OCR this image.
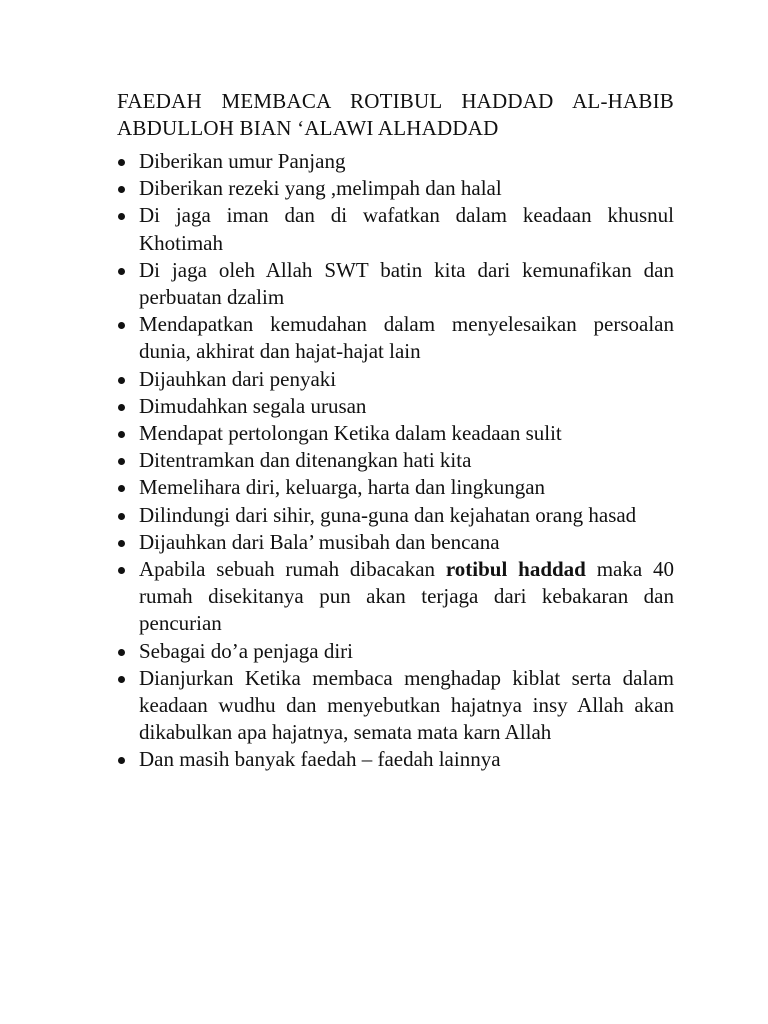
FAEDAH MEMBACA ROTIBUL HADDAD AL-HABIB
ABDULLOH BIAN ‘ALAWI ALHADDAD
Diberikan umur Panjang
Diberikan rezeki yang ,melimpah dan halal
Di jaga iman dan di wafatkan dalam keadaan khusnul Khotimah
Di jaga oleh Allah SWT batin kita dari kemunafikan dan perbuatan dzalim
Mendapatkan kemudahan dalam menyelesaikan persoalan dunia, akhirat dan hajat-hajat lain
Dijauhkan dari penyaki
Dimudahkan segala urusan
Mendapat pertolongan Ketika dalam keadaan sulit
Ditentramkan dan ditenangkan hati kita
Memelihara diri, keluarga, harta dan lingkungan
Dilindungi dari sihir, guna-guna dan kejahatan orang hasad
Dijauhkan dari Bala’ musibah dan bencana
Apabila sebuah rumah dibacakan rotibul haddad maka 40 rumah disekitanya pun akan terjaga dari kebakaran dan pencurian
Sebagai do’a penjaga diri
Dianjurkan Ketika membaca menghadap kiblat serta dalam keadaan wudhu dan menyebutkan hajatnya insy Allah akan dikabulkan apa hajatnya, semata mata karn Allah
Dan masih banyak faedah – faedah lainnya
